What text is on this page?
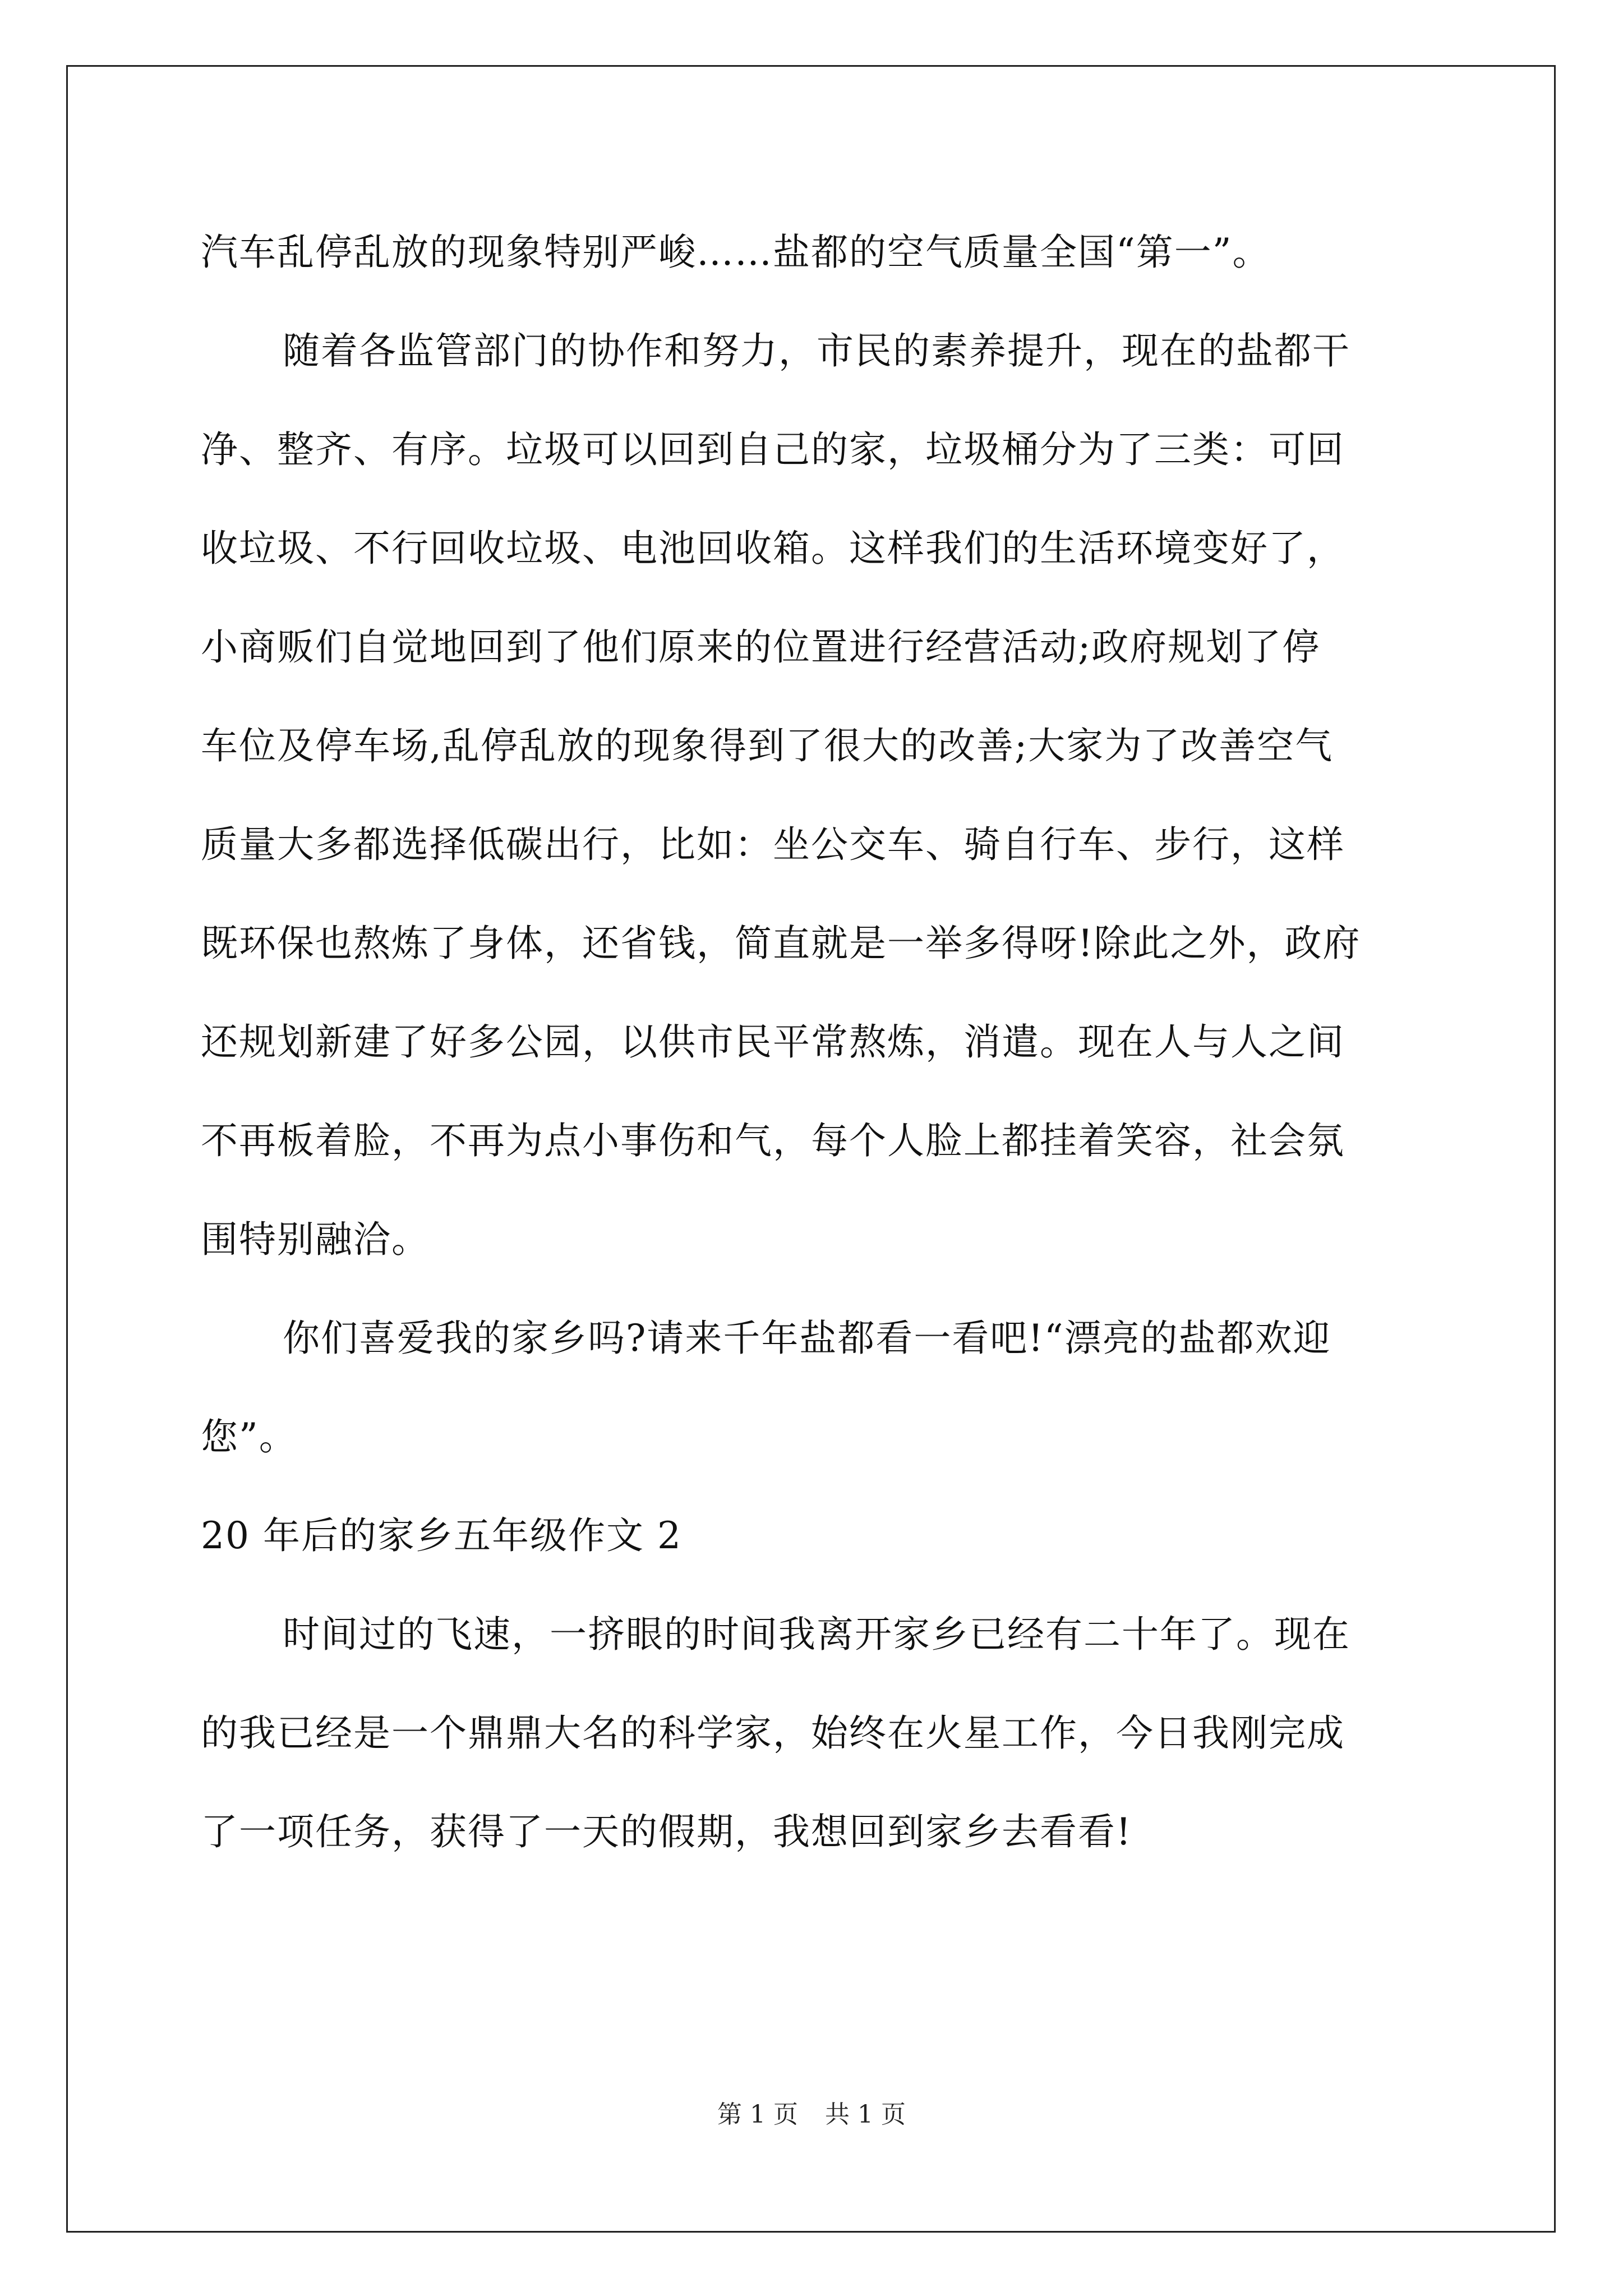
汽车乱停乱放的现象特别严峻……盐都的空气质量全国“第一”。
随着各监管部门的协作和努力，市民的素养提升，现在的盐都干
净、整齐、有序。垃圾可以回到自己的家，垃圾桶分为了三类：可回
收垃圾、不行回收垃圾、电池回收箱。这样我们的生活环境变好了，
小商贩们自觉地回到了他们原来的位置进行经营活动;政府规划了停
车位及停车场,乱停乱放的现象得到了很大的改善;大家为了改善空气
质量大多都选择低碳出行，比如：坐公交车、骑自行车、步行，这样
既环保也熬炼了身体，还省钱，简直就是一举多得呀!除此之外，政府
还规划新建了好多公园，以供市民平常熬炼，消遣。现在人与人之间
不再板着脸，不再为点小事伤和气，每个人脸上都挂着笑容，社会氛
围特别融洽。
你们喜爱我的家乡吗?请来千年盐都看一看吧!“漂亮的盐都欢迎
您”。
20 年后的家乡五年级作文 2
时间过的飞速，一挤眼的时间我离开家乡已经有二十年了。现在
的我已经是一个鼎鼎大名的科学家，始终在火星工作，今日我刚完成
了一项任务，获得了一天的假期，我想回到家乡去看看!
第 1 页 共 1 页
